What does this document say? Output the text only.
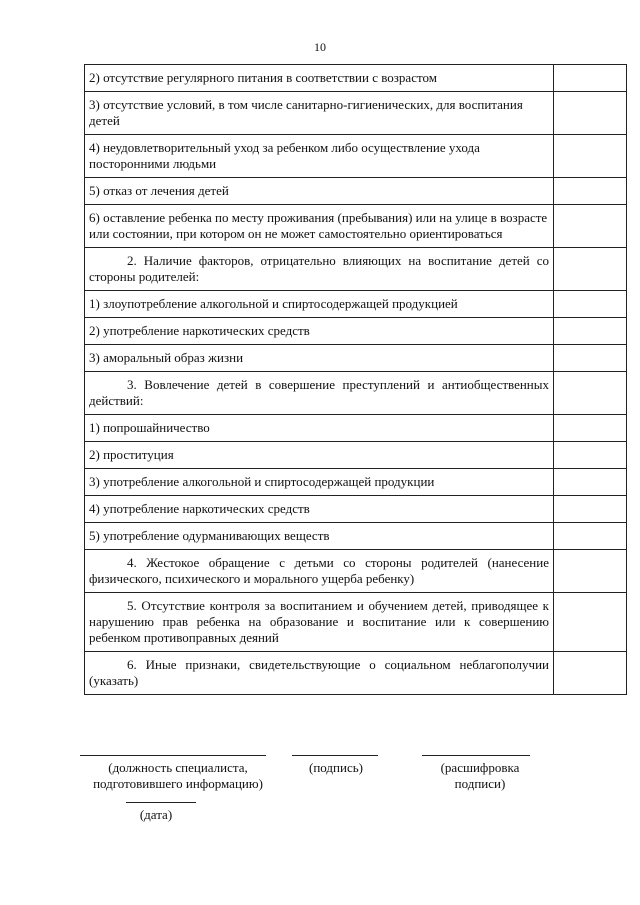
10
2) отсутствие регулярного питания в соответствии с возрастом	
3) отсутствие условий, в том числе санитарно-гигиенических, для воспитания детей	
4) неудовлетворительный уход за ребенком либо осуществление ухода посторонними людьми	
5) отказ от лечения детей	
6) оставление ребенка по месту проживания (пребывания) или на улице в возрасте или состоянии, при котором он не может самостоятельно ориентироваться	
2. Наличие факторов, отрицательно влияющих на воспитание детей со стороны родителей:	
1) злоупотребление алкогольной и спиртосодержащей продукцией	
2) употребление наркотических средств	
3) аморальный образ жизни	
3. Вовлечение детей в совершение преступлений и антиобщественных действий:	
1) попрошайничество	
2) проституция	
3) употребление алкогольной и спиртосодержащей продукции	
4) употребление наркотических средств	
5) употребление одурманивающих веществ	
4. Жестокое обращение с детьми со стороны родителей (нанесение физического, психического и морального ущерба ребенку)	
5. Отсутствие контроля за воспитанием и обучением детей, приводящее к нарушению прав ребенка на образование и воспитание или к совершению ребенком противоправных деяний	
6. Иные признаки, свидетельствующие о социальном неблагополучии (указать)	
(должность специалиста, подготовившего информацию)
(подпись)	(расшифровка подписи)
(дата)
